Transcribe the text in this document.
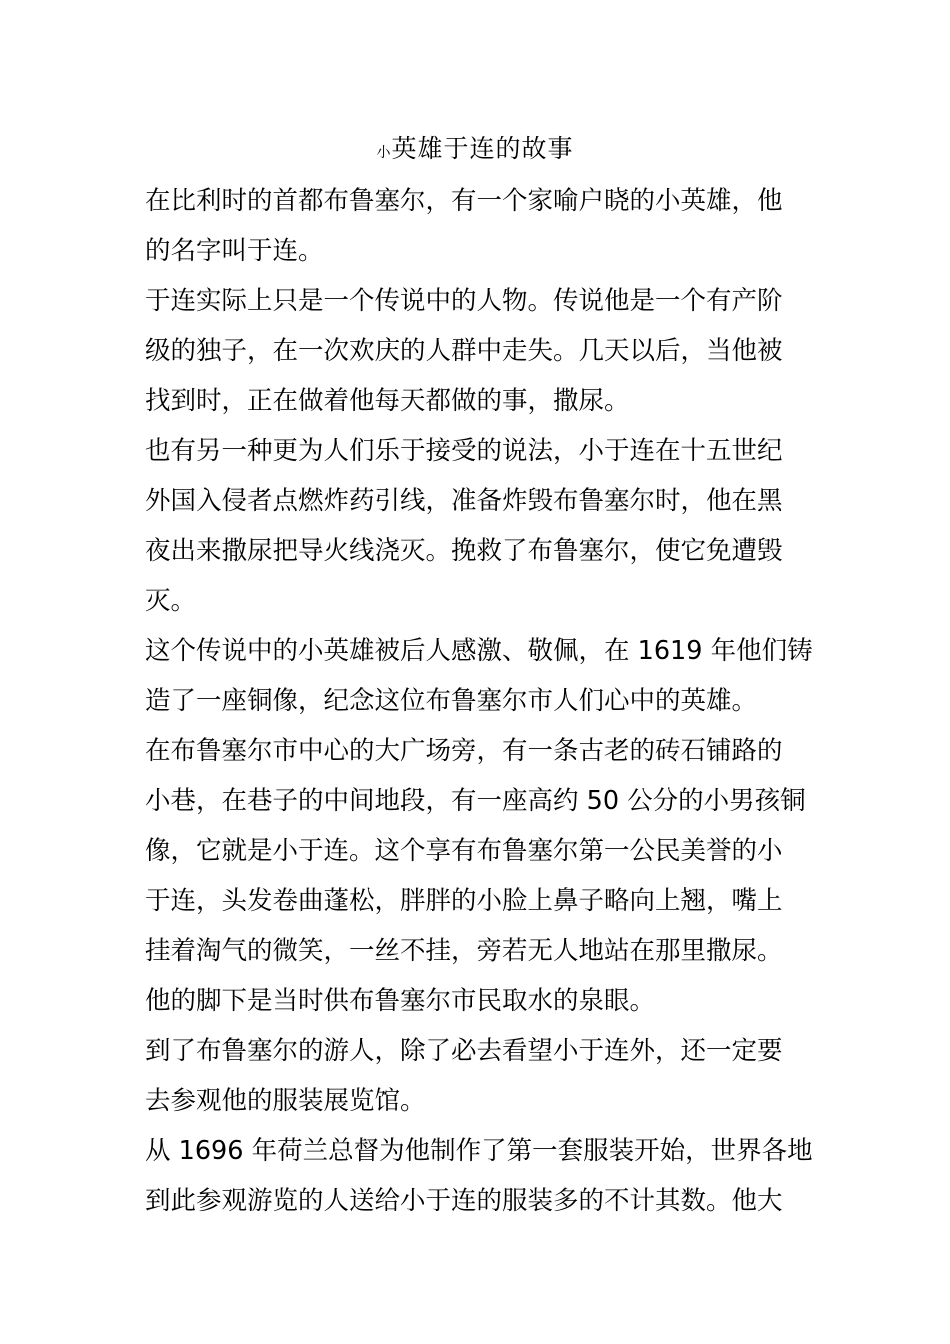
小英雄于连的故事
在比利时的首都布鲁塞尔，有一个家喻户晓的小英雄，他
的名字叫于连。
于连实际上只是一个传说中的人物。传说他是一个有产阶
级的独子，在一次欢庆的人群中走失。几天以后，当他被
找到时，正在做着他每天都做的事，撒尿。
也有另一种更为人们乐于接受的说法，小于连在十五世纪
外国入侵者点燃炸药引线，准备炸毁布鲁塞尔时，他在黑
夜出来撒尿把导火线浇灭。挽救了布鲁塞尔，使它免遭毁
灭。
这个传说中的小英雄被后人感激、敬佩，在 1619 年他们铸
造了一座铜像，纪念这位布鲁塞尔市人们心中的英雄。
在布鲁塞尔市中心的大广场旁，有一条古老的砖石铺路的
小巷，在巷子的中间地段，有一座高约 50 公分的小男孩铜
像，它就是小于连。这个享有布鲁塞尔第一公民美誉的小
于连，头发卷曲蓬松，胖胖的小脸上鼻子略向上翘，嘴上
挂着淘气的微笑，一丝不挂，旁若无人地站在那里撒尿。
他的脚下是当时供布鲁塞尔市民取水的泉眼。
到了布鲁塞尔的游人，除了必去看望小于连外，还一定要
去参观他的服装展览馆。
从 1696 年荷兰总督为他制作了第一套服装开始，世界各地
到此参观游览的人送给小于连的服装多的不计其数。他大
